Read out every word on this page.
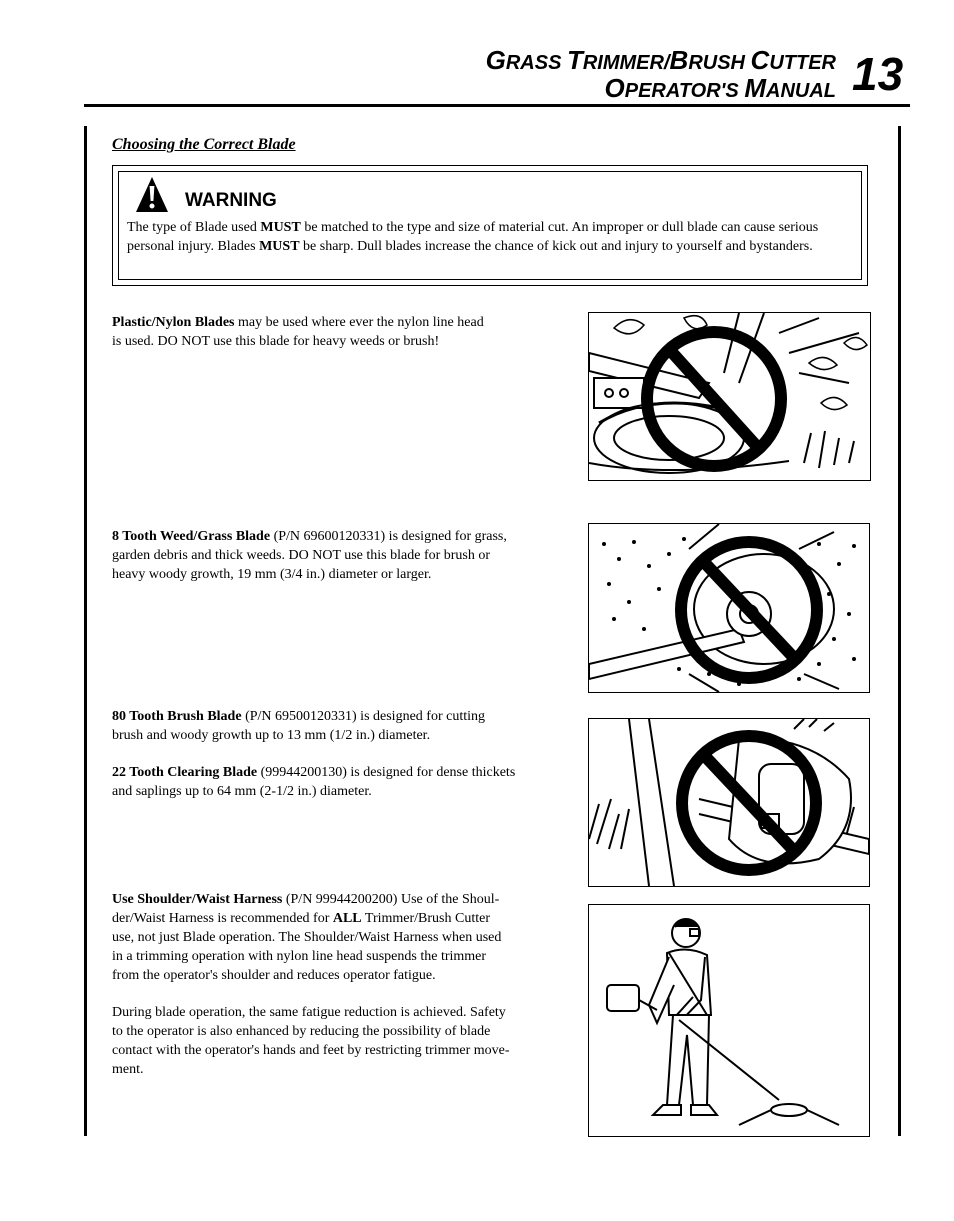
GRASS TRIMMER/BRUSH CUTTER
OPERATOR'S MANUAL 13
Choosing the Correct Blade
WARNING
The type of Blade used MUST be matched to the type and size of material cut. An improper or dull blade can cause serious personal injury. Blades MUST be sharp. Dull blades increase the chance of kick out and injury to yourself and bystanders.
Plastic/Nylon Blades may be used where ever the nylon line head
is used. DO NOT use this blade for heavy weeds or brush!
8 Tooth Weed/Grass Blade (P/N 69600120331) is designed for grass,
garden debris and thick weeds. DO NOT use this blade for brush or
heavy woody growth, 19 mm (3/4 in.) diameter or larger.
80 Tooth Brush Blade (P/N 69500120331) is designed for cutting
brush and woody growth up to 13 mm (1/2 in.) diameter.
22 Tooth Clearing Blade (99944200130) is designed for dense thickets
and saplings up to 64 mm (2-1/2 in.) diameter.
Use Shoulder/Waist Harness (P/N 99944200200) Use of the Shoul-
der/Waist Harness is recommended for ALL Trimmer/Brush Cutter
use, not just Blade operation. The Shoulder/Waist Harness when used
in a trimming operation with nylon line head suspends the trimmer
from the operator's shoulder and reduces operator fatigue.
During blade operation, the same fatigue reduction is achieved. Safety
to the operator is also enhanced by reducing the possibility of blade
contact with the operator's hands and feet by restricting trimmer move-
ment.
